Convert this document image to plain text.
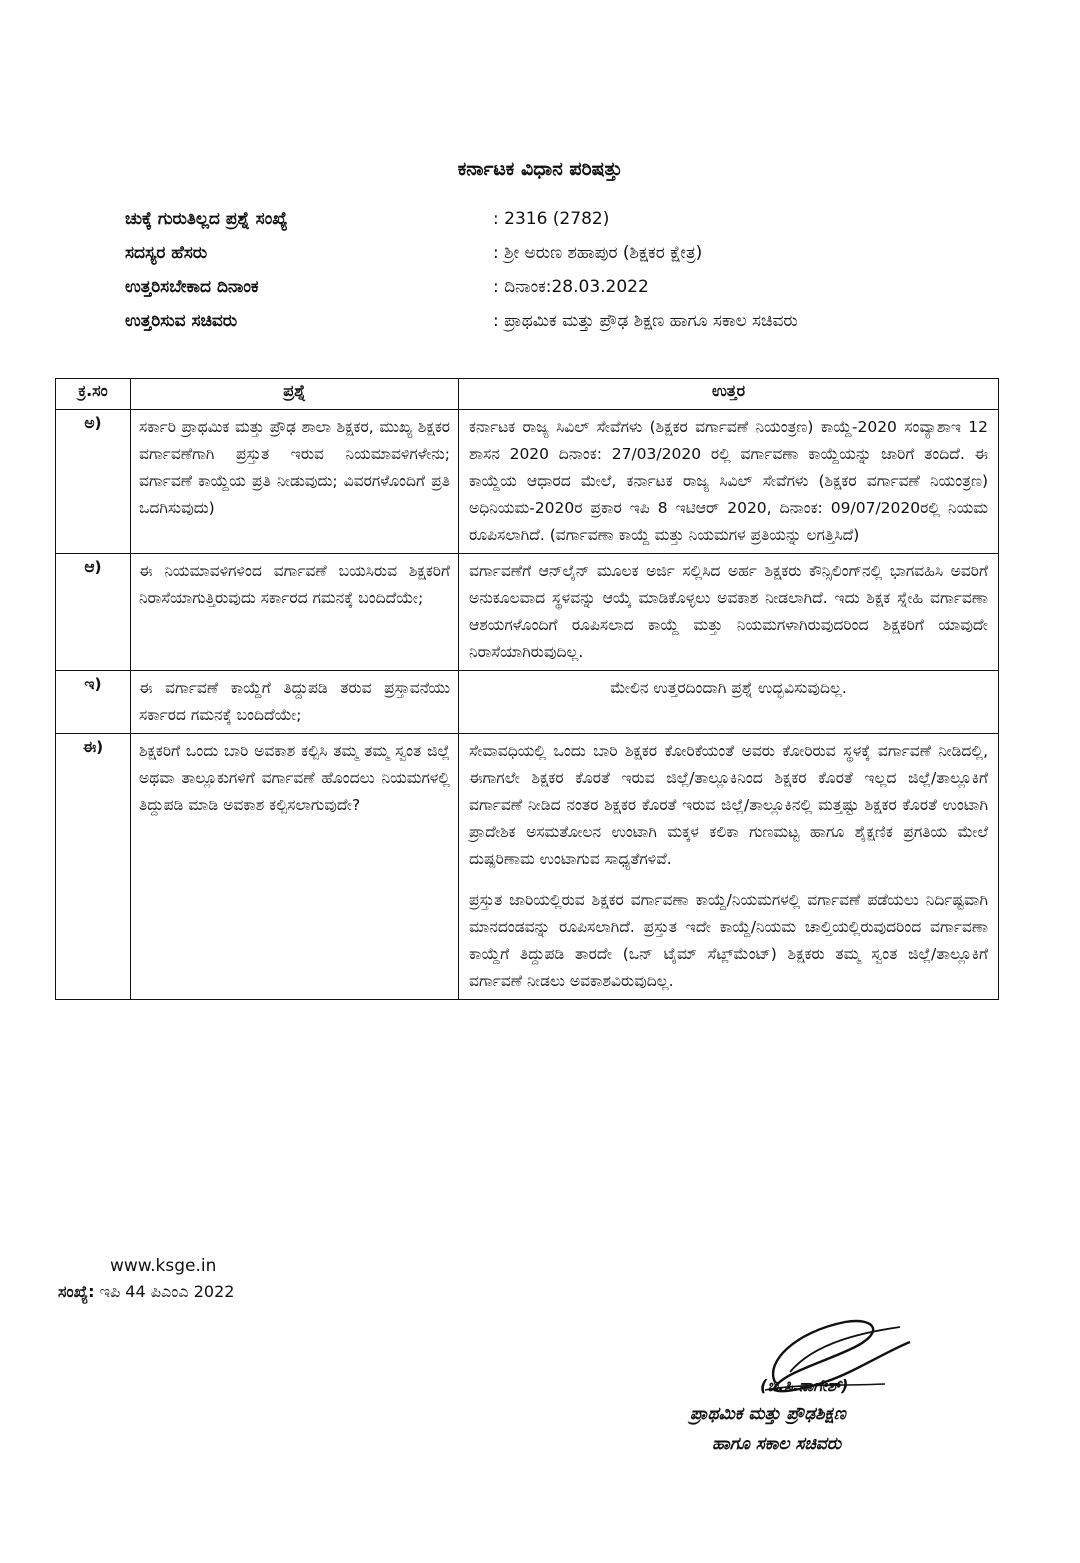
ಕರ್ನಾಟಕ ವಿಧಾನ ಪರಿಷತ್ತು
ಚುಕ್ಕೆ ಗುರುತಿಲ್ಲದ ಪ್ರಶ್ನೆ ಸಂಖ್ಯೆ	: 2316 (2782)
ಸದಸ್ಯರ ಹೆಸರು	: ಶ್ರೀ ಅರುಣ ಶಹಾಪುರ (ಶಿಕ್ಷಕರ ಕ್ಷೇತ್ರ)
ಉತ್ತರಿಸಬೇಕಾದ ದಿನಾಂಕ	: ದಿನಾಂಕ:28.03.2022
ಉತ್ತರಿಸುವ ಸಚಿವರು	: ಪ್ರಾಥಮಿಕ ಮತ್ತು ಪ್ರೌಢ ಶಿಕ್ಷಣ ಹಾಗೂ ಸಕಾಲ ಸಚಿವರು
ಕ್ರ.ಸಂ	ಪ್ರಶ್ನೆ	ಉತ್ತರ
ಅ)	ಸರ್ಕಾರಿ ಪ್ರಾಥಮಿಕ ಮತ್ತು ಪ್ರೌಢ ಶಾಲಾ ಶಿಕ್ಷಕರ, ಮುಖ್ಯ ಶಿಕ್ಷಕರ ವರ್ಗಾವಣೆಗಾಗಿ ಪ್ರಸ್ತುತ ಇರುವ ನಿಯಮಾವಳಿಗಳೇನು; ವರ್ಗಾವಣೆ ಕಾಯ್ದೆಯ ಪ್ರತಿ ನೀಡುವುದು; ವಿವರಗಳೊಂದಿಗೆ ಪ್ರತಿ ಒದಗಿಸುವುದು)	ಕರ್ನಾಟಕ ರಾಜ್ಯ ಸಿವಿಲ್ ಸೇವೆಗಳು (ಶಿಕ್ಷಕರ ವರ್ಗಾವಣೆ ನಿಯಂತ್ರಣ) ಕಾಯ್ದೆ-2020 ಸಂವ್ಯಾಶಾಇ 12 ಶಾಸನ 2020 ದಿನಾಂಕ: 27/03/2020 ರಲ್ಲಿ ವರ್ಗಾವಣಾ ಕಾಯ್ದೆಯನ್ನು ಜಾರಿಗೆ ತಂದಿದೆ. ಈ ಕಾಯ್ದೆಯ ಆಧಾರದ ಮೇಲೆ, ಕರ್ನಾಟಕ ರಾಜ್ಯ ಸಿವಿಲ್ ಸೇವೆಗಳು (ಶಿಕ್ಷಕರ ವರ್ಗಾವಣೆ ನಿಯಂತ್ರಣ) ಅಧಿನಿಯಮ-2020ರ ಪ್ರಕಾರ ಇಪಿ 8 ಇಟಿಆರ್ 2020, ದಿನಾಂಕ: 09/07/2020ರಲ್ಲಿ ನಿಯಮ ರೂಪಿಸಲಾಗಿದೆ. (ವರ್ಗಾವಣಾ ಕಾಯ್ದೆ ಮತ್ತು ನಿಯಮಗಳ ಪ್ರತಿಯನ್ನು ಲಗತ್ತಿಸಿದೆ)

ಆ)	ಈ ನಿಯಮಾವಳಿಗಳಿಂದ ವರ್ಗಾವಣೆ ಬಯಸಿರುವ ಶಿಕ್ಷಕರಿಗೆ ನಿರಾಸೆಯಾಗುತ್ತಿರುವುದು ಸರ್ಕಾರದ ಗಮನಕ್ಕೆ ಬಂದಿದೆಯೇ;	ವರ್ಗಾವಣೆಗೆ ಆನ್‌ಲೈನ್ ಮೂಲಕ ಅರ್ಜಿ ಸಲ್ಲಿಸಿದ ಅರ್ಹ ಶಿಕ್ಷಕರು ಕೌನ್ಸಿಲಿಂಗ್‌ನಲ್ಲಿ ಭಾಗವಹಿಸಿ ಅವರಿಗೆ ಅನುಕೂಲವಾದ ಸ್ಥಳವನ್ನು ಆಯ್ಕೆ ಮಾಡಿಕೊಳ್ಳಲು ಅವಕಾಶ ನೀಡಲಾಗಿದೆ. ಇದು ಶಿಕ್ಷಕ ಸ್ನೇಹಿ ವರ್ಗಾವಣಾ ಆಶಯಗಳೊಂದಿಗೆ ರೂಪಿಸಲಾದ ಕಾಯ್ದೆ ಮತ್ತು ನಿಯಮಗಳಾಗಿರುವುದರಿಂದ ಶಿಕ್ಷಕರಿಗೆ ಯಾವುದೇ ನಿರಾಸೆಯಾಗಿರುವುದಿಲ್ಲ.

ಇ)	ಈ ವರ್ಗಾವಣೆ ಕಾಯ್ದೆಗೆ ತಿದ್ದುಪಡಿ ತರುವ ಪ್ರಸ್ತಾವನೆಯು ಸರ್ಕಾರದ ಗಮನಕ್ಕೆ ಬಂದಿದೆಯೇ;	ಮೇಲಿನ ಉತ್ತರದಿಂದಾಗಿ ಪ್ರಶ್ನೆ ಉದ್ಭವಿಸುವುದಿಲ್ಲ.

ಈ)	ಶಿಕ್ಷಕರಿಗೆ ಒಂದು ಬಾರಿ ಅವಕಾಶ ಕಲ್ಪಿಸಿ ತಮ್ಮ ತಮ್ಮ ಸ್ವಂತ ಜಿಲ್ಲೆ ಅಥವಾ ತಾಲ್ಲೂಕುಗಳಿಗೆ ವರ್ಗಾವಣೆ ಹೊಂದಲು ನಿಯಮಗಳಲ್ಲಿ ತಿದ್ದುಪಡಿ ಮಾಡಿ ಅವಕಾಶ ಕಲ್ಪಿಸಲಾಗುವುದೇ?	ಸೇವಾವಧಿಯಲ್ಲಿ ಒಂದು ಬಾರಿ ಶಿಕ್ಷಕರ ಕೋರಿಕೆಯಂತೆ ಅವರು ಕೋರಿರುವ ಸ್ಥಳಕ್ಕೆ ವರ್ಗಾವಣೆ ನೀಡಿದಲ್ಲಿ, ಈಗಾಗಲೇ ಶಿಕ್ಷಕರ ಕೊರತೆ ಇರುವ ಜಿಲ್ಲೆ/ತಾಲ್ಲೂಕಿನಿಂದ ಶಿಕ್ಷಕರ ಕೊರತೆ ಇಲ್ಲದ ಜಿಲ್ಲೆ/ತಾಲ್ಲೂಕಿಗೆ ವರ್ಗಾವಣೆ ನೀಡಿದ ನಂತರ ಶಿಕ್ಷಕರ ಕೊರತೆ ಇರುವ ಜಿಲ್ಲೆ/ತಾಲ್ಲೂಕಿನಲ್ಲಿ ಮತ್ತಷ್ಟು ಶಿಕ್ಷಕರ ಕೊರತೆ ಉಂಟಾಗಿ ಪ್ರಾದೇಶಿಕ ಅಸಮತೋಲನ ಉಂಟಾಗಿ ಮಕ್ಕಳ ಕಲಿಕಾ ಗುಣಮಟ್ಟ ಹಾಗೂ ಶೈಕ್ಷಣಿಕ ಪ್ರಗತಿಯ ಮೇಲೆ ದುಷ್ಪರಿಣಾಮ ಉಂಟಾಗುವ ಸಾಧ್ಯತೆಗಳಿವೆ.

ಪ್ರಸ್ತುತ ಜಾರಿಯಲ್ಲಿರುವ ಶಿಕ್ಷಕರ ವರ್ಗಾವಣಾ ಕಾಯ್ದೆ/ನಿಯಮಗಳಲ್ಲಿ ವರ್ಗಾವಣೆ ಪಡೆಯಲು ನಿರ್ದಿಷ್ಟವಾಗಿ ಮಾನದಂಡವನ್ನು ರೂಪಿಸಲಾಗಿದೆ. ಪ್ರಸ್ತುತ ಇದೇ ಕಾಯ್ದೆ/ನಿಯಮ ಚಾಲ್ತಿಯಲ್ಲಿರುವುದರಿಂದ ವರ್ಗಾವಣಾ ಕಾಯ್ದೆಗೆ ತಿದ್ದುಪಡಿ ತಾರದೇ (ಒನ್ ಟೈಮ್ ಸೆಟ್ಲ್‌ಮೆಂಟ್) ಶಿಕ್ಷಕರು ತಮ್ಮ ಸ್ವಂತ ಜಿಲ್ಲೆ/ತಾಲ್ಲೂಕಿಗೆ ವರ್ಗಾವಣೆ ನೀಡಲು ಅವಕಾಶವಿರುವುದಿಲ್ಲ.

www.ksge.in
ಸಂಖ್ಯೆ: ಇಪಿ 44 ಪಿಎಂಎ 2022
(ಬಿ.ಸಿ.ನಾಗೇಶ್)
ಪ್ರಾಥಮಿಕ ಮತ್ತು ಪ್ರೌಢಶಿಕ್ಷಣ
ಹಾಗೂ ಸಕಾಲ ಸಚಿವರು
